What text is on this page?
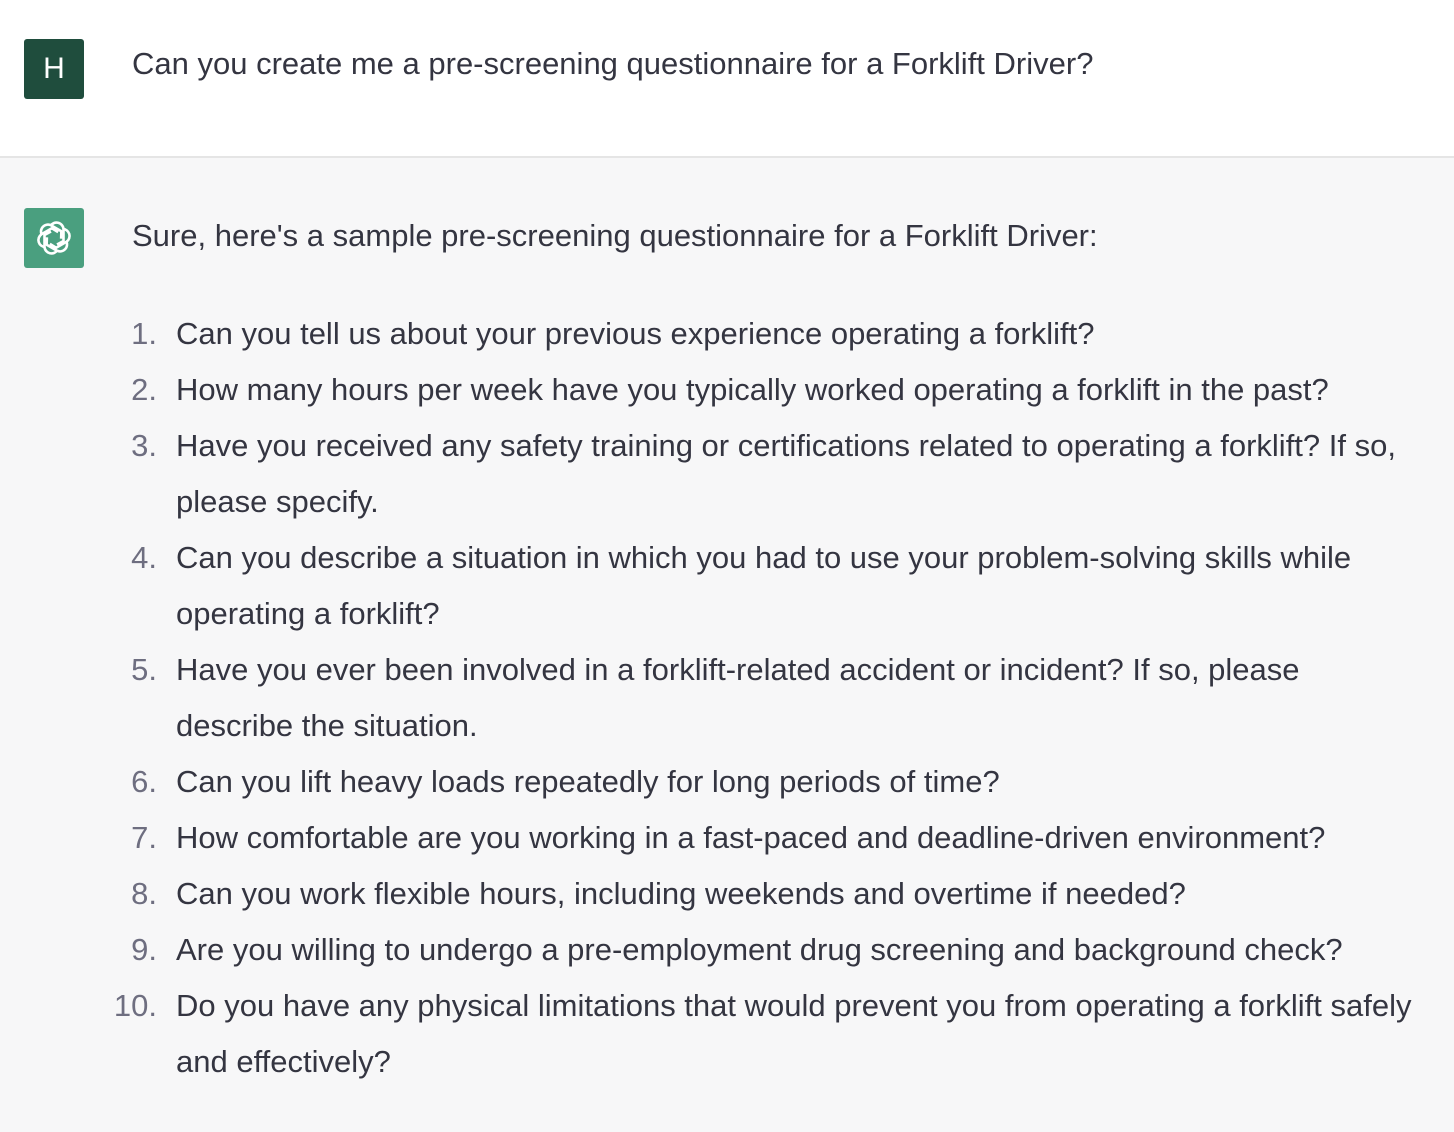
H	Can you create me a pre-screening questionnaire for a Forklift Driver?
Sure, here's a sample pre-screening questionnaire for a Forklift Driver:
1. Can you tell us about your previous experience operating a forklift?
2. How many hours per week have you typically worked operating a forklift in the past?
3. Have you received any safety training or certifications related to operating a forklift? If so, please specify.
4. Can you describe a situation in which you had to use your problem-solving skills while operating a forklift?
5. Have you ever been involved in a forklift-related accident or incident? If so, please describe the situation.
6. Can you lift heavy loads repeatedly for long periods of time?
7. How comfortable are you working in a fast-paced and deadline-driven environment?
8. Can you work flexible hours, including weekends and overtime if needed?
9. Are you willing to undergo a pre-employment drug screening and background check?
10. Do you have any physical limitations that would prevent you from operating a forklift safely and effectively?
